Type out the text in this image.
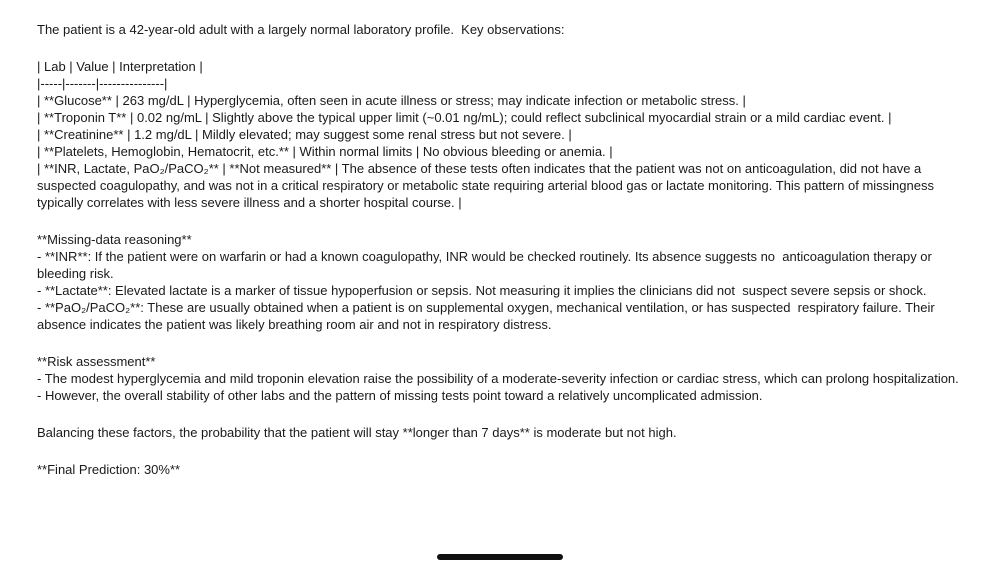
The patient is a 42-year-old adult with a largely normal laboratory profile.  Key observations:
| Lab | Value | Interpretation |
|-----|-------|---------------|
| **Glucose** | 263 mg/dL | Hyperglycemia, often seen in acute illness or stress; may indicate infection or metabolic stress. |
| **Troponin T** | 0.02 ng/mL | Slightly above the typical upper limit (~0.01 ng/mL); could reflect subclinical myocardial strain or a mild cardiac event. |
| **Creatinine** | 1.2 mg/dL | Mildly elevated; may suggest some renal stress but not severe. |
| **Platelets, Hemoglobin, Hematocrit, etc.** | Within normal limits | No obvious bleeding or anemia. |
| **INR, Lactate, PaO₂/PaCO₂** | **Not measured** | The absence of these tests often indicates that the patient was not on anticoagulation, did not have a suspected coagulopathy, and was not in a critical respiratory or metabolic state requiring arterial blood gas or lactate monitoring. This pattern of missingness typically correlates with less severe illness and a shorter hospital course. |
**Missing-data reasoning**
- **INR**: If the patient were on warfarin or had a known coagulopathy, INR would be checked routinely. Its absence suggests no  anticoagulation therapy or bleeding risk.
- **Lactate**: Elevated lactate is a marker of tissue hypoperfusion or sepsis. Not measuring it implies the clinicians did not  suspect severe sepsis or shock.
- **PaO₂/PaCO₂**: These are usually obtained when a patient is on supplemental oxygen, mechanical ventilation, or has suspected  respiratory failure. Their absence indicates the patient was likely breathing room air and not in respiratory distress.
**Risk assessment**
- The modest hyperglycemia and mild troponin elevation raise the possibility of a moderate-severity infection or cardiac stress, which can prolong hospitalization.
- However, the overall stability of other labs and the pattern of missing tests point toward a relatively uncomplicated admission.
Balancing these factors, the probability that the patient will stay **longer than 7 days** is moderate but not high.
**Final Prediction: 30%**
